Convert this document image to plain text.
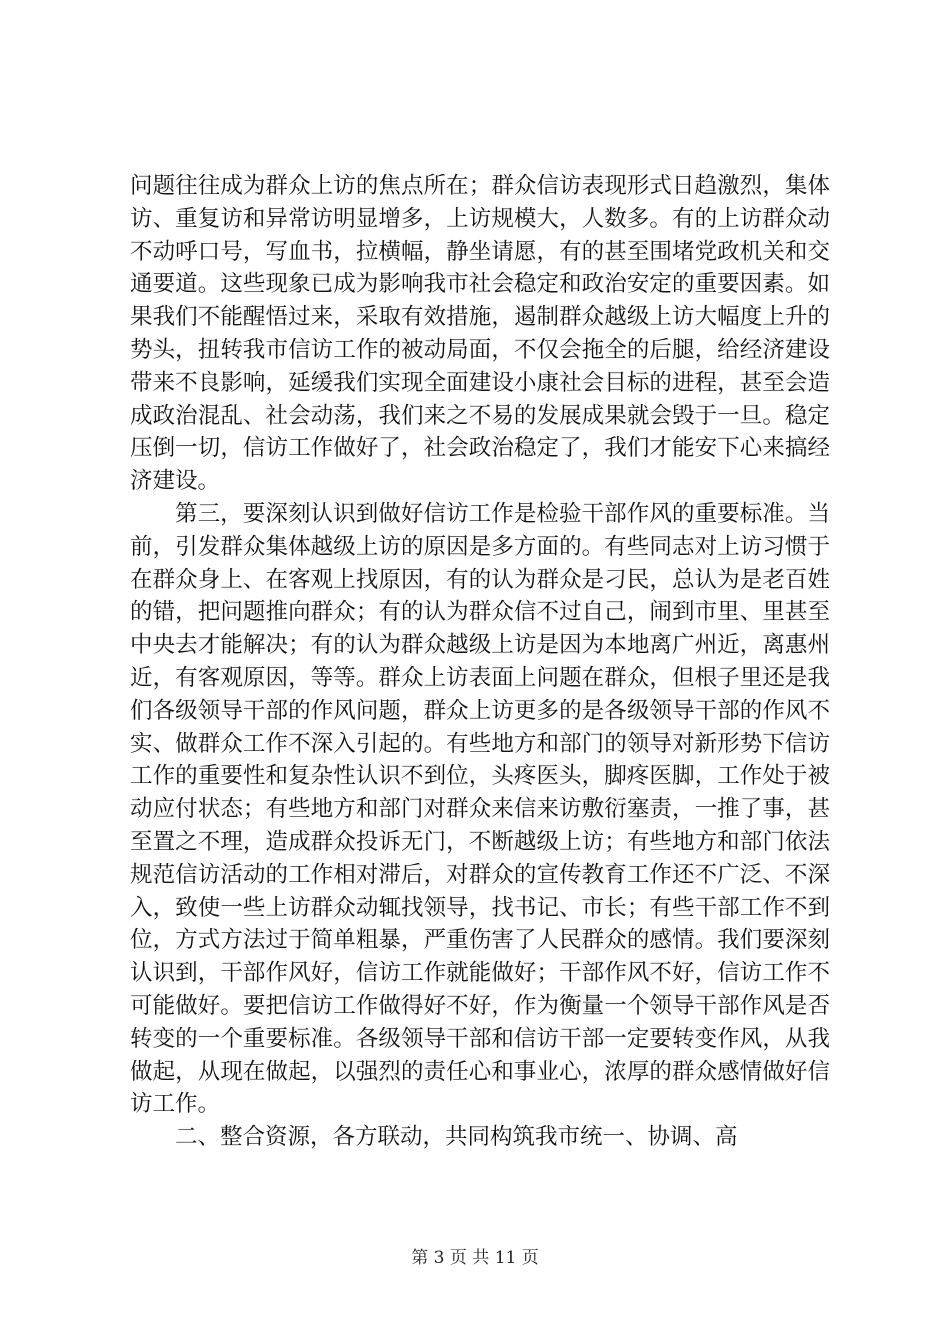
问题往往成为群众上访的焦点所在；群众信访表现形式日趋激烈，集体访、重复访和异常访明显增多，上访规模大，人数多。有的上访群众动不动呼口号，写血书，拉横幅，静坐请愿，有的甚至围堵党政机关和交通要道。这些现象已成为影响我市社会稳定和政治安定的重要因素。如果我们不能醒悟过来，采取有效措施，遏制群众越级上访大幅度上升的势头，扭转我市信访工作的被动局面，不仅会拖全的后腿，给经济建设带来不良影响，延缓我们实现全面建设小康社会目标的进程，甚至会造成政治混乱、社会动荡，我们来之不易的发展成果就会毁于一旦。稳定压倒一切，信访工作做好了，社会政治稳定了，我们才能安下心来搞经济建设。

第三，要深刻认识到做好信访工作是检验干部作风的重要标准。当前，引发群众集体越级上访的原因是多方面的。有些同志对上访习惯于在群众身上、在客观上找原因，有的认为群众是刁民，总认为是老百姓的错，把问题推向群众；有的认为群众信不过自己，闹到市里、里甚至中央去才能解决；有的认为群众越级上访是因为本地离广州近，离惠州近，有客观原因，等等。群众上访表面上问题在群众，但根子里还是我们各级领导干部的作风问题，群众上访更多的是各级领导干部的作风不实、做群众工作不深入引起的。有些地方和部门的领导对新形势下信访工作的重要性和复杂性认识不到位，头疼医头，脚疼医脚，工作处于被动应付状态；有些地方和部门对群众来信来访敷衍塞责，一推了事，甚至置之不理，造成群众投诉无门，不断越级上访；有些地方和部门依法规范信访活动的工作相对滞后，对群众的宣传教育工作还不广泛、不深入，致使一些上访群众动辄找领导，找书记、市长；有些干部工作不到位，方式方法过于简单粗暴，严重伤害了人民群众的感情。我们要深刻认识到，干部作风好，信访工作就能做好；干部作风不好，信访工作不可能做好。要把信访工作做得好不好，作为衡量一个领导干部作风是否转变的一个重要标准。各级领导干部和信访干部一定要转变作风，从我做起，从现在做起，以强烈的责任心和事业心，浓厚的群众感情做好信访工作。

二、整合资源，各方联动，共同构筑我市统一、协调、高

第 3 页 共 11 页
